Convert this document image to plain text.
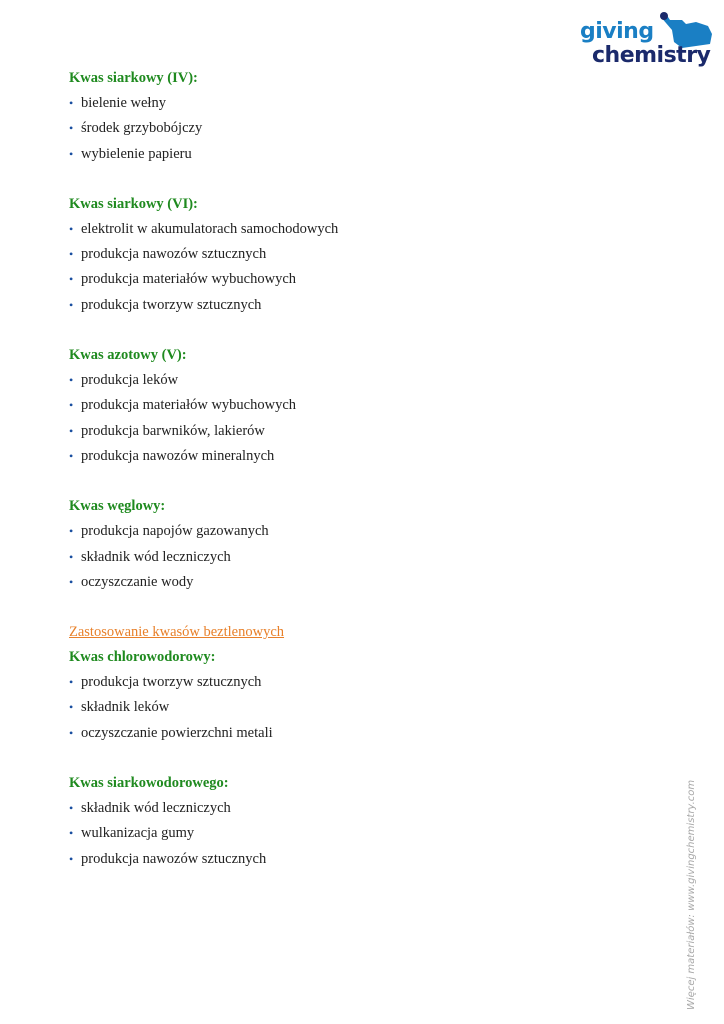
giving
chemistry
Kwas siarkowy (IV):
• bielenie wełny
• środek grzybobójczy
• wybielenie papieru
Kwas siarkowy (VI):
• elektrolit w akumulatorach samochodowych
• produkcja nawozów sztucznych
• produkcja materiałów wybuchowych
• produkcja tworzyw sztucznych
Kwas azotowy (V):
• produkcja leków
• produkcja materiałów wybuchowych
• produkcja barwników, lakierów
• produkcja nawozów mineralnych
Kwas węglowy:
• produkcja napojów gazowanych
• składnik wód leczniczych
• oczyszczanie wody
Zastosowanie kwasów beztlenowych
Kwas chlorowodorowy:
• produkcja tworzyw sztucznych
• składnik leków
• oczyszczanie powierzchni metali
Kwas siarkowodorowego:
• składnik wód leczniczych
• wulkanizacja gumy
• produkcja nawozów sztucznych	Więcej materiałów: www.givingchemistry.com
